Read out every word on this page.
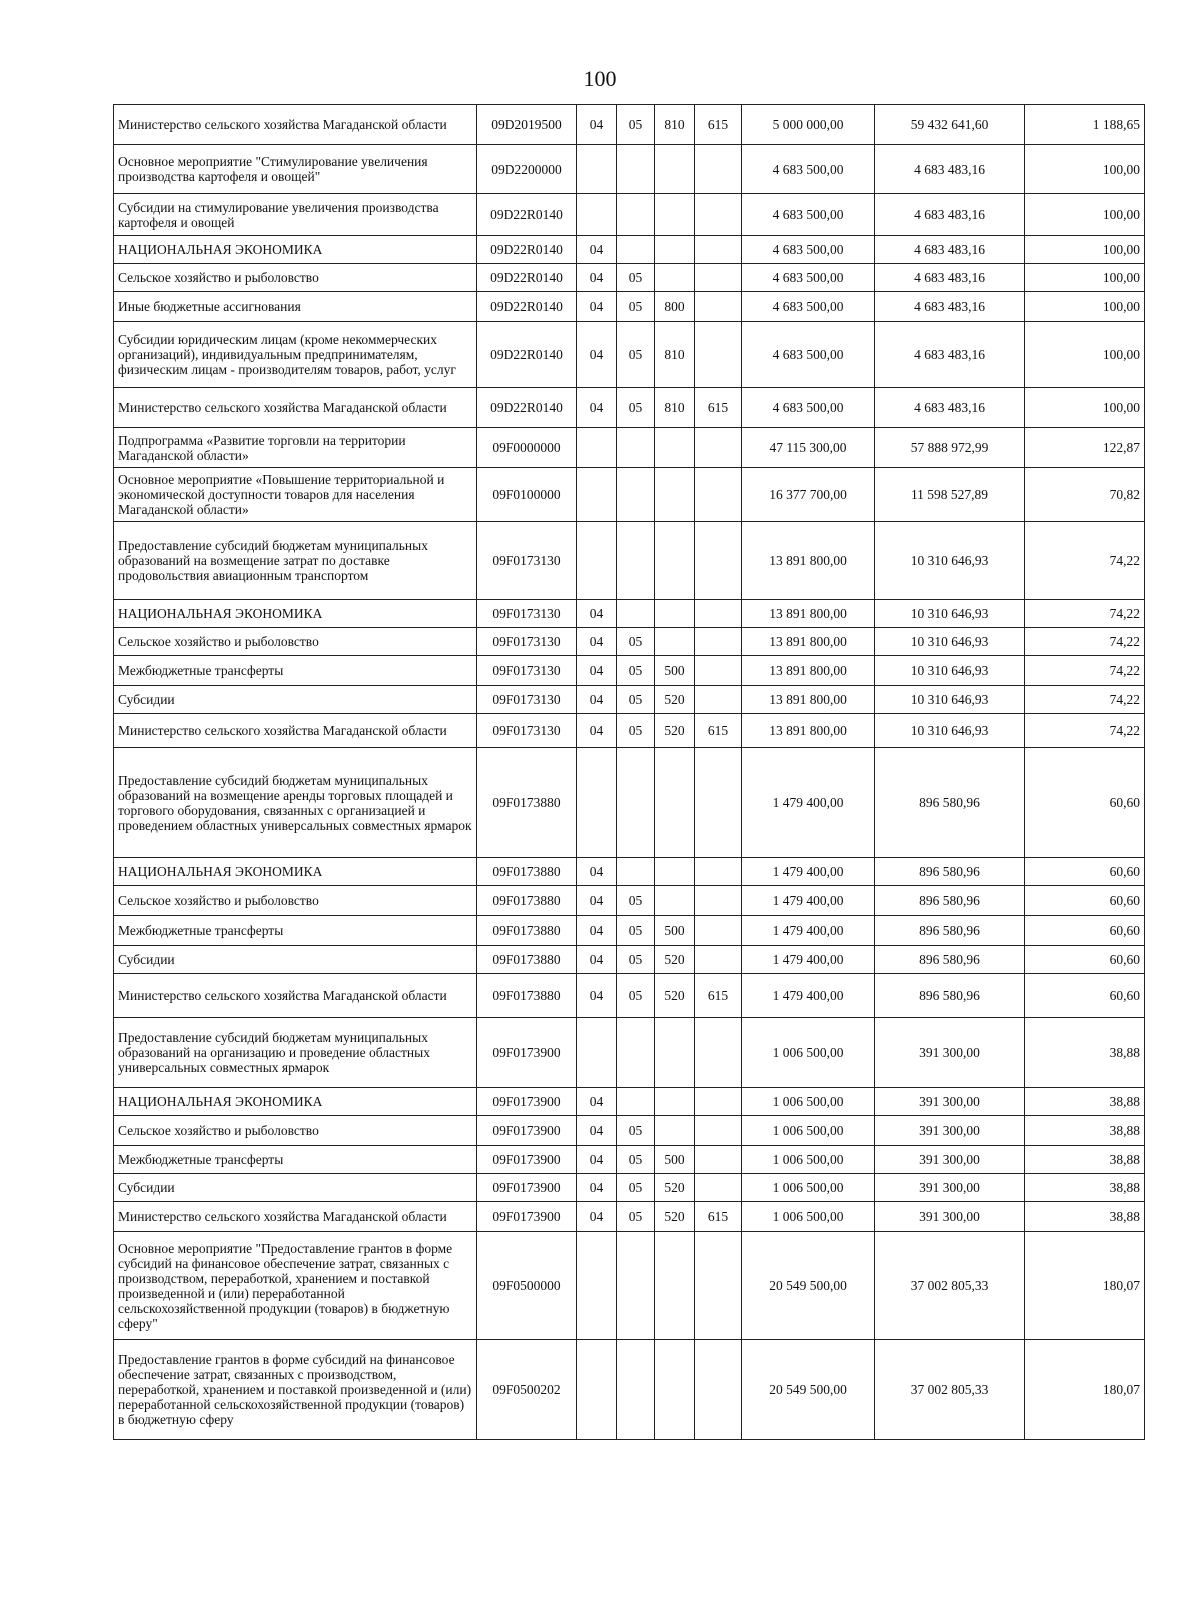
100
Министерство сельского хозяйства Магаданской области	09D2019500	04	05	810	615	5 000 000,00	59 432 641,60	1 188,65
Основное мероприятие "Стимулирование увеличения производства картофеля и овощей"	09D2200000					4 683 500,00	4 683 483,16	100,00
Субсидии на стимулирование увеличения производства картофеля и овощей	09D22R0140					4 683 500,00	4 683 483,16	100,00
НАЦИОНАЛЬНАЯ ЭКОНОМИКА	09D22R0140	04				4 683 500,00	4 683 483,16	100,00
Сельское хозяйство и рыболовство	09D22R0140	04	05			4 683 500,00	4 683 483,16	100,00
Иные бюджетные ассигнования	09D22R0140	04	05	800		4 683 500,00	4 683 483,16	100,00
Субсидии юридическим лицам (кроме некоммерческих организаций), индивидуальным предпринимателям, физическим лицам - производителям товаров, работ, услуг	09D22R0140	04	05	810		4 683 500,00	4 683 483,16	100,00
Министерство сельского хозяйства Магаданской области	09D22R0140	04	05	810	615	4 683 500,00	4 683 483,16	100,00
Подпрограмма «Развитие торговли на территории Магаданской области»	09F0000000					47 115 300,00	57 888 972,99	122,87
Основное мероприятие «Повышение территориальной и экономической доступности товаров для населения Магаданской области»	09F0100000					16 377 700,00	11 598 527,89	70,82
Предоставление субсидий бюджетам муниципальных образований на возмещение затрат по доставке продовольствия авиационным транспортом	09F0173130					13 891 800,00	10 310 646,93	74,22
НАЦИОНАЛЬНАЯ ЭКОНОМИКА	09F0173130	04				13 891 800,00	10 310 646,93	74,22
Сельское хозяйство и рыболовство	09F0173130	04	05			13 891 800,00	10 310 646,93	74,22
Межбюджетные трансферты	09F0173130	04	05	500		13 891 800,00	10 310 646,93	74,22
Субсидии	09F0173130	04	05	520		13 891 800,00	10 310 646,93	74,22
Министерство сельского хозяйства Магаданской области	09F0173130	04	05	520	615	13 891 800,00	10 310 646,93	74,22
Предоставление субсидий бюджетам муниципальных образований на возмещение аренды торговых площадей и торгового оборудования, связанных с организацией и проведением областных универсальных совместных ярмарок	09F0173880					1 479 400,00	896 580,96	60,60
НАЦИОНАЛЬНАЯ ЭКОНОМИКА	09F0173880	04				1 479 400,00	896 580,96	60,60
Сельское хозяйство и рыболовство	09F0173880	04	05			1 479 400,00	896 580,96	60,60
Межбюджетные трансферты	09F0173880	04	05	500		1 479 400,00	896 580,96	60,60
Субсидии	09F0173880	04	05	520		1 479 400,00	896 580,96	60,60
Министерство сельского хозяйства Магаданской области	09F0173880	04	05	520	615	1 479 400,00	896 580,96	60,60
Предоставление субсидий бюджетам муниципальных образований на организацию и проведение областных универсальных совместных ярмарок	09F0173900					1 006 500,00	391 300,00	38,88
НАЦИОНАЛЬНАЯ ЭКОНОМИКА	09F0173900	04				1 006 500,00	391 300,00	38,88
Сельское хозяйство и рыболовство	09F0173900	04	05			1 006 500,00	391 300,00	38,88
Межбюджетные трансферты	09F0173900	04	05	500		1 006 500,00	391 300,00	38,88
Субсидии	09F0173900	04	05	520		1 006 500,00	391 300,00	38,88
Министерство сельского хозяйства Магаданской области	09F0173900	04	05	520	615	1 006 500,00	391 300,00	38,88
Основное мероприятие "Предоставление грантов в форме субсидий на финансовое обеспечение затрат, связанных с производством, переработкой, хранением и поставкой произведенной и (или) переработанной сельскохозяйственной продукции (товаров) в бюджетную сферу"	09F0500000					20 549 500,00	37 002 805,33	180,07
Предоставление грантов в форме субсидий на финансовое обеспечение затрат, связанных с производством, переработкой, хранением и поставкой произведенной и (или) переработанной сельскохозяйственной продукции (товаров) в бюджетную сферу	09F0500202					20 549 500,00	37 002 805,33	180,07
